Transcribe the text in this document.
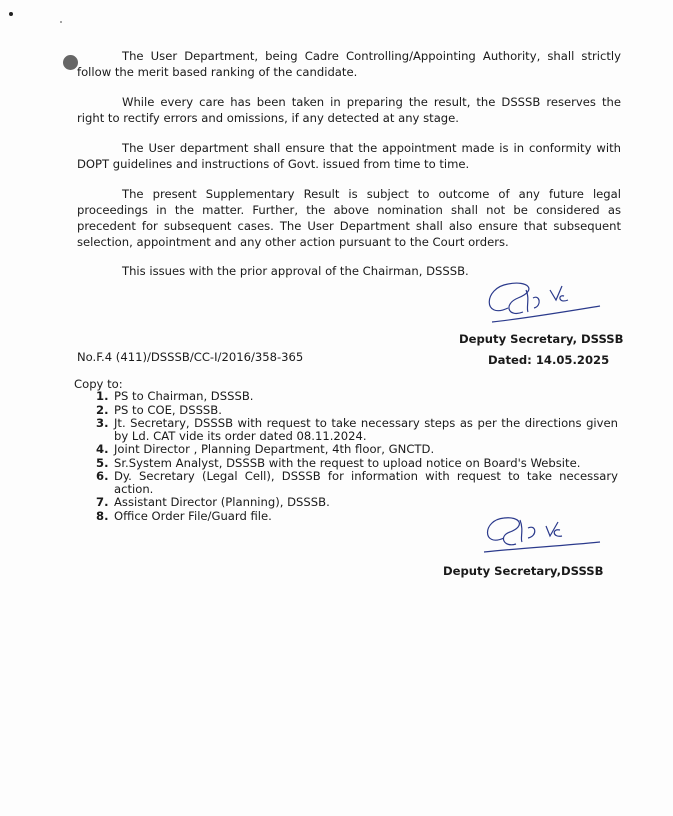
The User Department, being Cadre Controlling/Appointing Authority, shall strictly follow the merit based ranking of the candidate.

While every care has been taken in preparing the result, the DSSSB reserves the right to rectify errors and omissions, if any detected at any stage.

The User department shall ensure that the appointment made is in conformity with DOPT guidelines and instructions of Govt. issued from time to time.

The present Supplementary Result is subject to outcome of any future legal proceedings in the matter. Further, the above nomination shall not be considered as precedent for subsequent cases. The User Department shall also ensure that subsequent selection, appointment and any other action pursuant to the Court orders.

This issues with the prior approval of the Chairman, DSSSB.

Deputy Secretary, DSSSB
No.F.4 (411)/DSSSB/CC-I/2016/358-365	Dated: 14.05.2025
Copy to:
1. PS to Chairman, DSSSB.
2. PS to COE, DSSSB.
3. Jt. Secretary, DSSSB with request to take necessary steps as per the directions given by Ld. CAT vide its order dated 08.11.2024.
4. Joint Director , Planning Department, 4th floor, GNCTD.
5. Sr.System Analyst, DSSSB with the request to upload notice on Board's Website.
6. Dy. Secretary (Legal Cell), DSSSB for information with request to take necessary action.
7. Assistant Director (Planning), DSSSB.
8. Office Order File/Guard file.
Deputy Secretary,DSSSB
